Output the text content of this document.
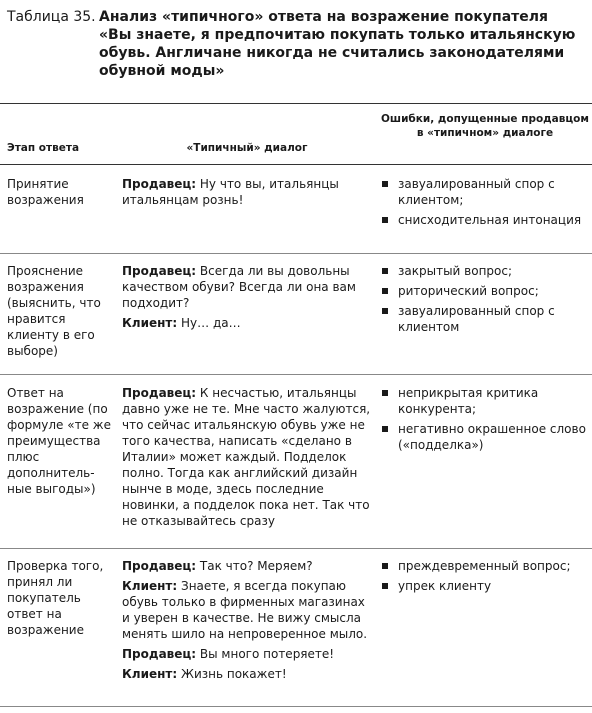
Таблица 35. Анализ «типичного» ответа на возражение покупателя «Вы знаете, я предпочитаю покупать только итальянскую обувь. Англичане никогда не считались законодателями обувной моды»
Ошибки, допущенные продавцом в «типичном» диалоге
Этап ответа	«Типичный» диалог
Принятие возражения
Продавец: Ну что вы, итальянцы итальянцам рознь!
завуалированный спор с клиентом;
снисходительная интонация
Прояснение возражения (выяснить, что нравится клиенту в его выборе)
Продавец: Всегда ли вы довольны качеством обуви? Всегда ли она вам подходит?
Клиент: Ну… да…
закрытый вопрос;
риторический вопрос;
завуалированный спор с клиентом
Ответ на возражение (по формуле «те же преимущества плюс дополнитель-ные выгоды»)
Продавец: К несчастью, итальянцы давно уже не те. Мне часто жалуются, что сейчас итальянскую обувь уже не того качества, написать «сделано в Италии» может каждый. Подделок полно. Тогда как английский дизайн нынче в моде, здесь последние новинки, а подделок пока нет. Так что не отказывайтесь сразу
неприкрытая критика конкурента;
негативно окрашенное слово («подделка»)
Проверка того, принял ли покупатель ответ на возражение
Продавец: Так что? Меряем?
Клиент: Знаете, я всегда покупаю обувь только в фирменных магазинах и уверен в качестве. Не вижу смысла менять шило на непроверенное мыло.
Продавец: Вы много потеряете!
Клиент: Жизнь покажет!
преждевременный вопрос;
упрек клиенту
